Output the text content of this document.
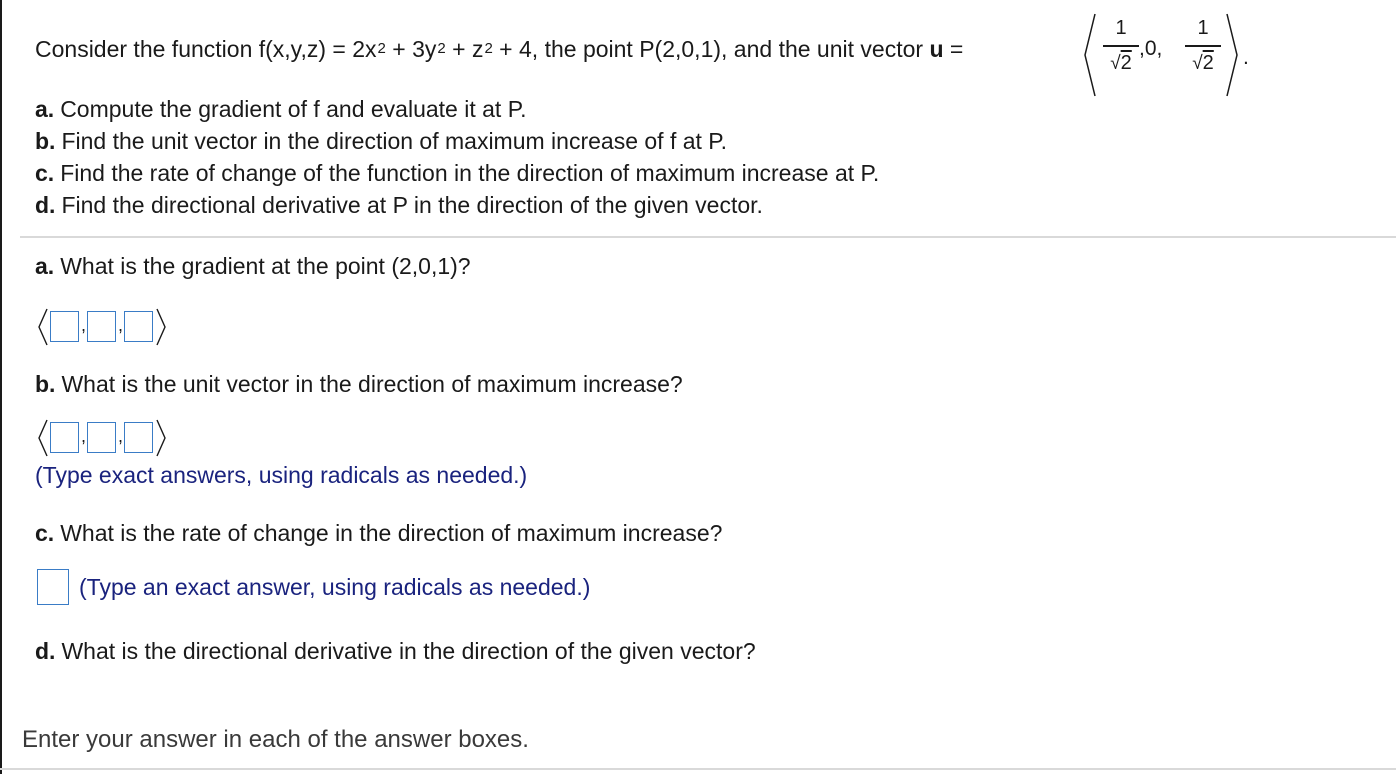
Consider the function $f(x,y,z) = 2x^2 + 3y^2 + z^2 + 4$, the point P(2,0,1), and the unit vector u =
1
√2
,0,
1
√2	.
a. Compute the gradient of f and evaluate it at P.
b. Find the unit vector in the direction of maximum increase of f at P.
c. Find the rate of change of the function in the direction of maximum increase at P.
d. Find the directional derivative at P in the direction of the given vector.
a. What is the gradient at the point (2,0,1)?
, ,
b. What is the unit vector in the direction of maximum increase?
, ,
(Type exact answers, using radicals as needed.)
c. What is the rate of change in the direction of maximum increase?
(Type an exact answer, using radicals as needed.)
d. What is the directional derivative in the direction of the given vector?
Enter your answer in each of the answer boxes.
